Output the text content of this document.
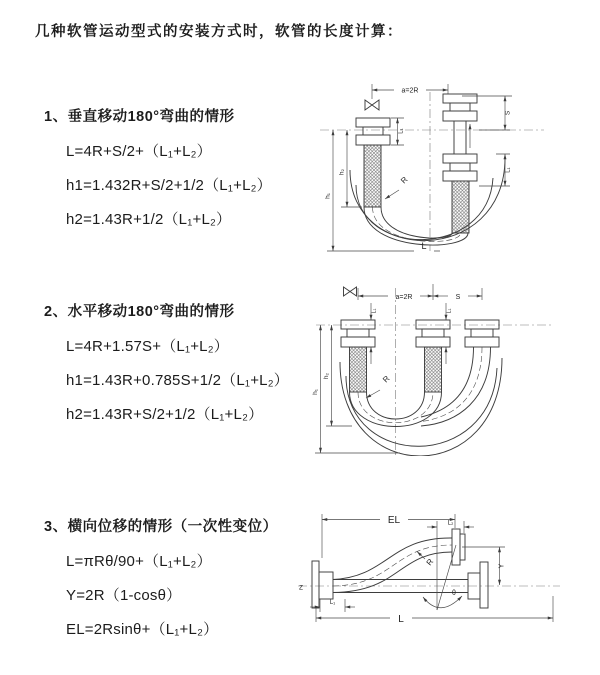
几种软管运动型式的安装方式时，软管的长度计算：
1、垂直移动180°弯曲的情形
L=4R+S/2+（L₁+L₂）
h1=1.432R+S/2+1/2（L₁+L₂）
h2=1.43R+1/2（L₁+L₂）
2、水平移动180°弯曲的情形
L=4R+1.57S+（L₁+L₂）
h1=1.43R+0.785S+1/2（L₁+L₂）
h2=1.43R+S/2+1/2（L₁+L₂）
3、横向位移的情形（一次性变位）
L=πRθ/90+（L₁+L₂）
Y=2R（1-cosθ）
EL=2Rsinθ+（L₁+L₂）
a=2R
R
h₁
h₂
L₁
S
L₁
L
a=2R	S
R
h₁
h₂
L₁	L₁
Z
EL	L₂
Y
R
θ
L₁
L
